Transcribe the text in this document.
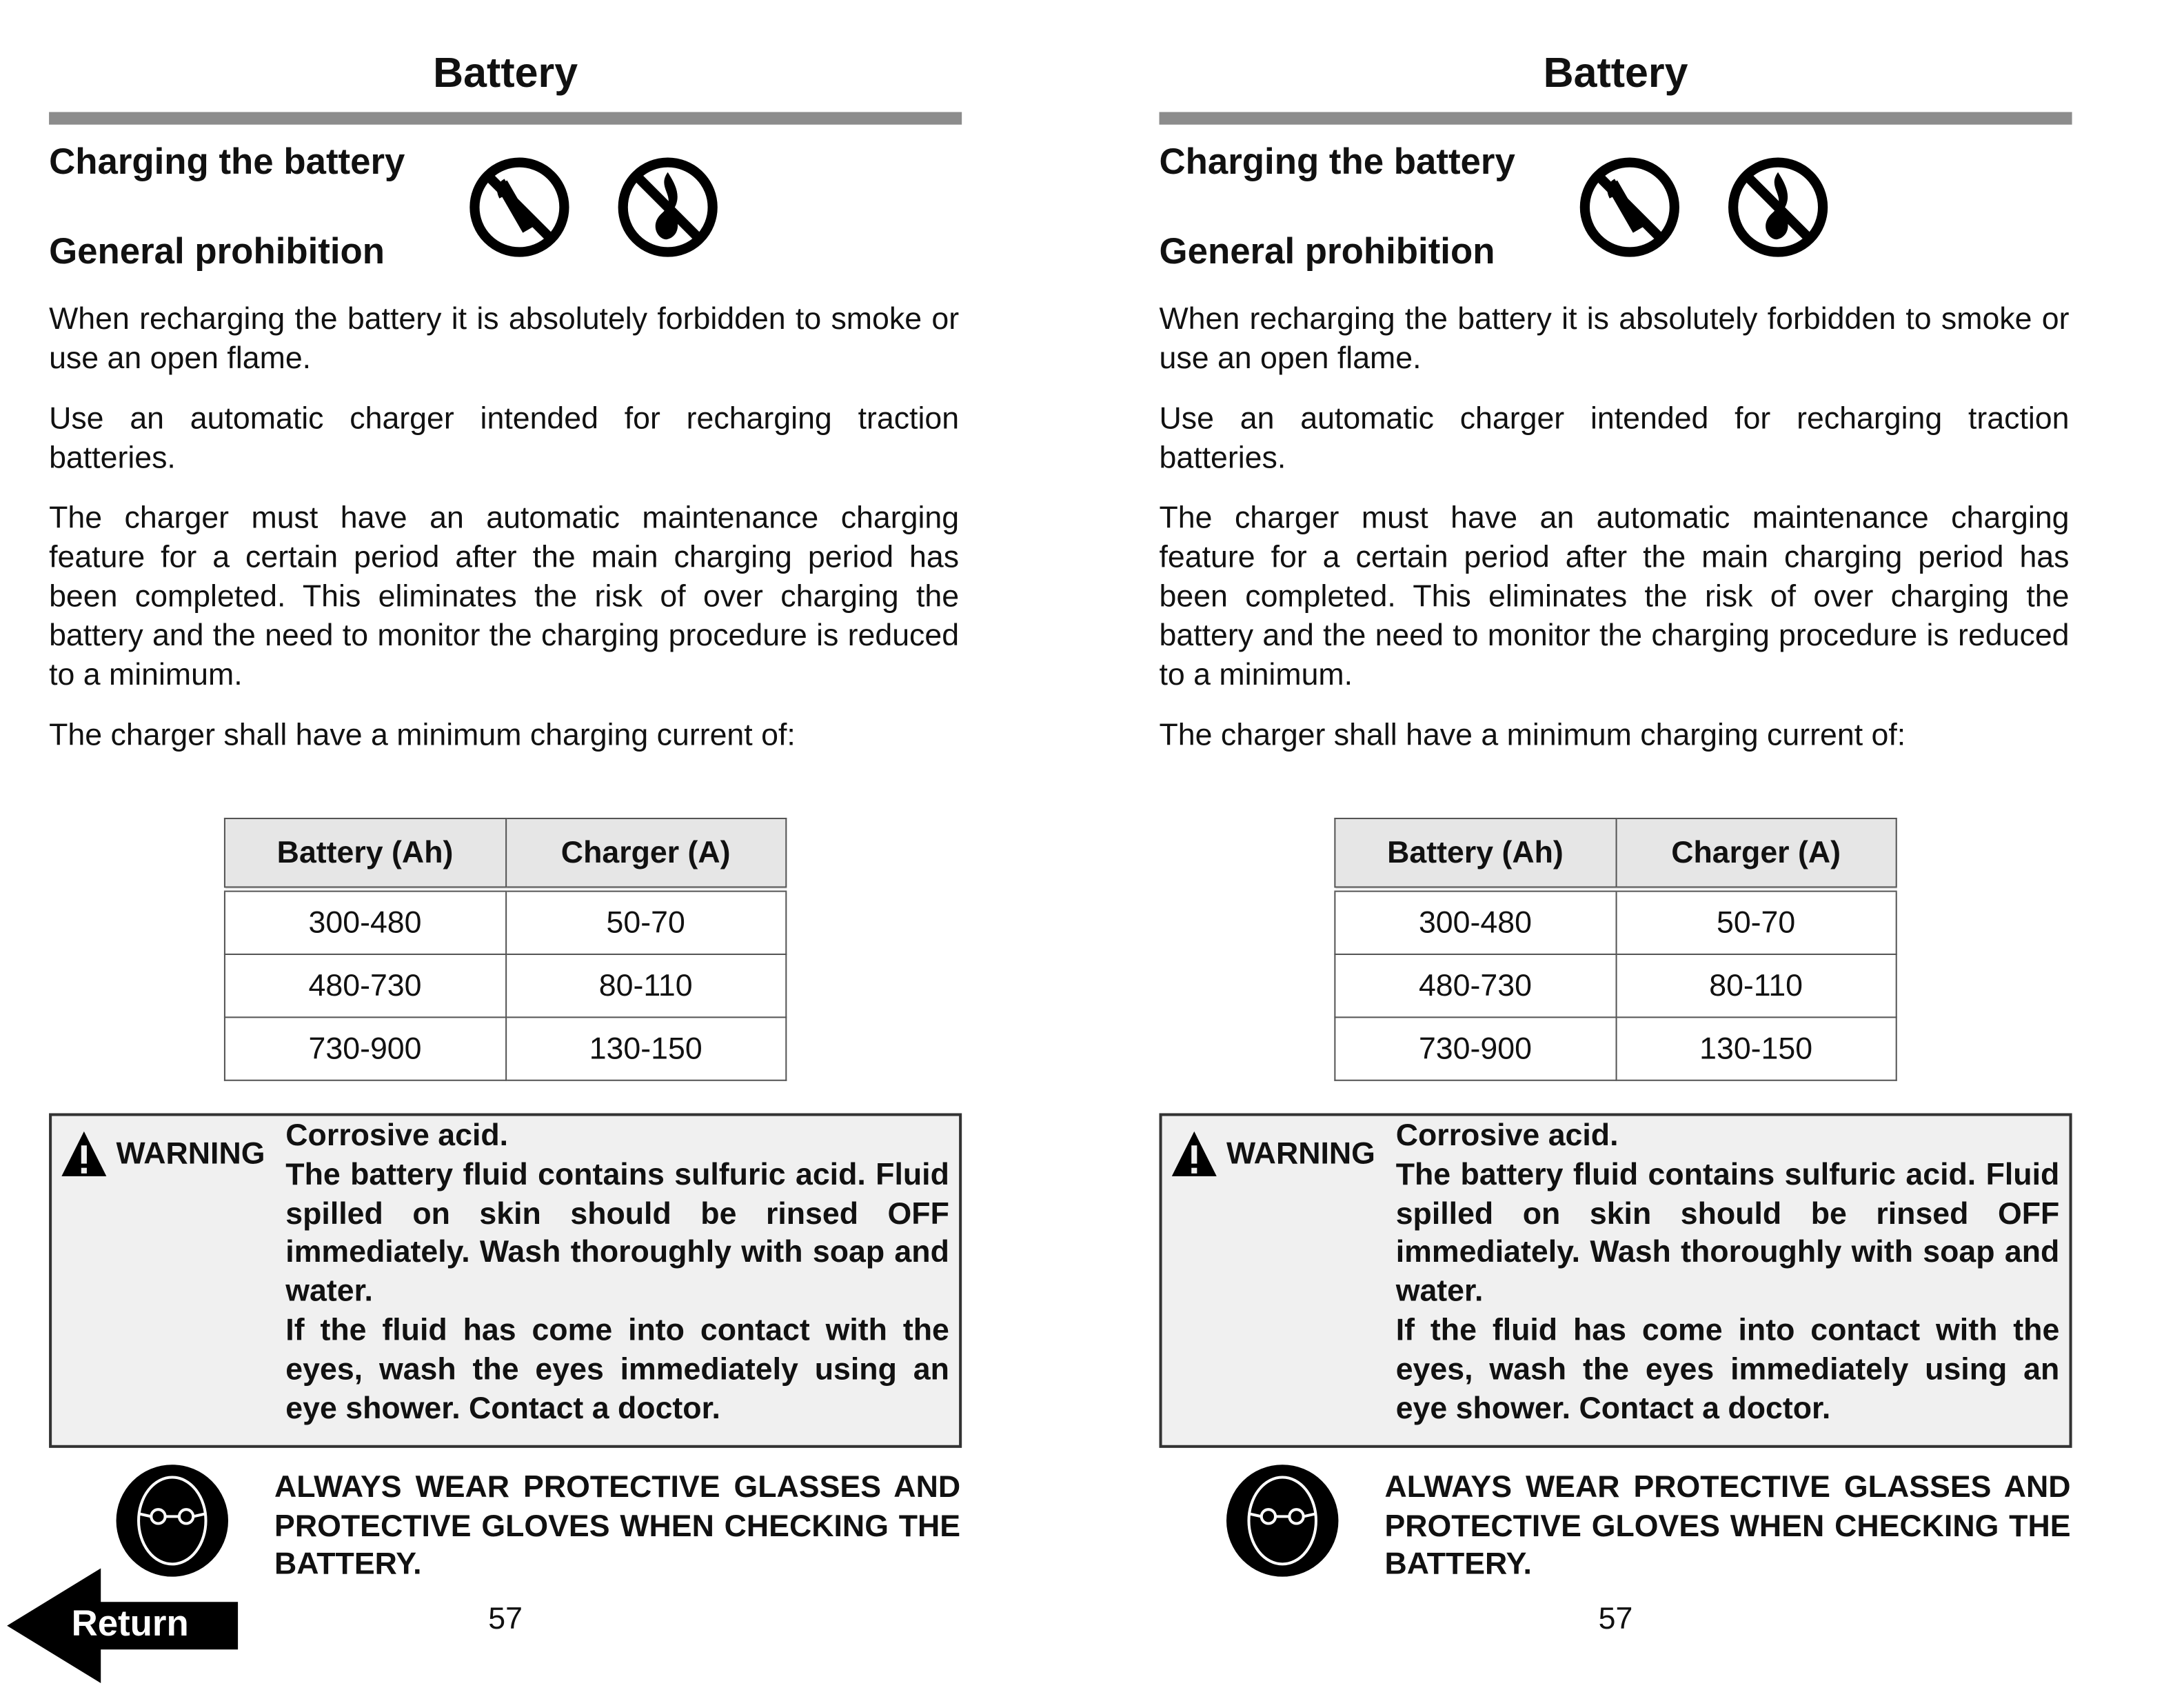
Battery
Charging the battery
General prohibition
When recharging the battery it is absolutely forbidden to smoke or use an open flame.
Use an automatic charger intended for recharging traction batteries.
The charger must have an automatic maintenance charging feature for a certain period after the main charging period has been completed. This eliminates the risk of over charging the battery and the need to monitor the charging procedure is reduced to a minimum.
The charger shall have a minimum charging current of:
Battery (Ah)	Charger (A)
300-480	50-70
480-730	80-110
730-900	130-150
WARNING
Corrosive acid.
The battery fluid contains sulfuric acid. Fluid spilled on skin should be rinsed OFF immediately. Wash thoroughly with soap and water.
If the fluid has come into contact with the eyes, wash the eyes immediately using an eye shower. Contact a doctor.
ALWAYS WEAR PROTECTIVE GLASSES AND PROTECTIVE GLOVES WHEN CHECKING THE BATTERY.
57
Battery
Charging the battery
General prohibition
When recharging the battery it is absolutely forbidden to smoke or use an open flame.
Use an automatic charger intended for recharging traction batteries.
The charger must have an automatic maintenance charging feature for a certain period after the main charging period has been completed. This eliminates the risk of over charging the battery and the need to monitor the charging procedure is reduced to a minimum.
The charger shall have a minimum charging current of:
Battery (Ah)	Charger (A)
300-480	50-70
480-730	80-110
730-900	130-150
WARNING
Corrosive acid.
The battery fluid contains sulfuric acid. Fluid spilled on skin should be rinsed OFF immediately. Wash thoroughly with soap and water.
If the fluid has come into contact with the eyes, wash the eyes immediately using an eye shower. Contact a doctor.
ALWAYS WEAR PROTECTIVE GLASSES AND PROTECTIVE GLOVES WHEN CHECKING THE BATTERY.
57
Return
